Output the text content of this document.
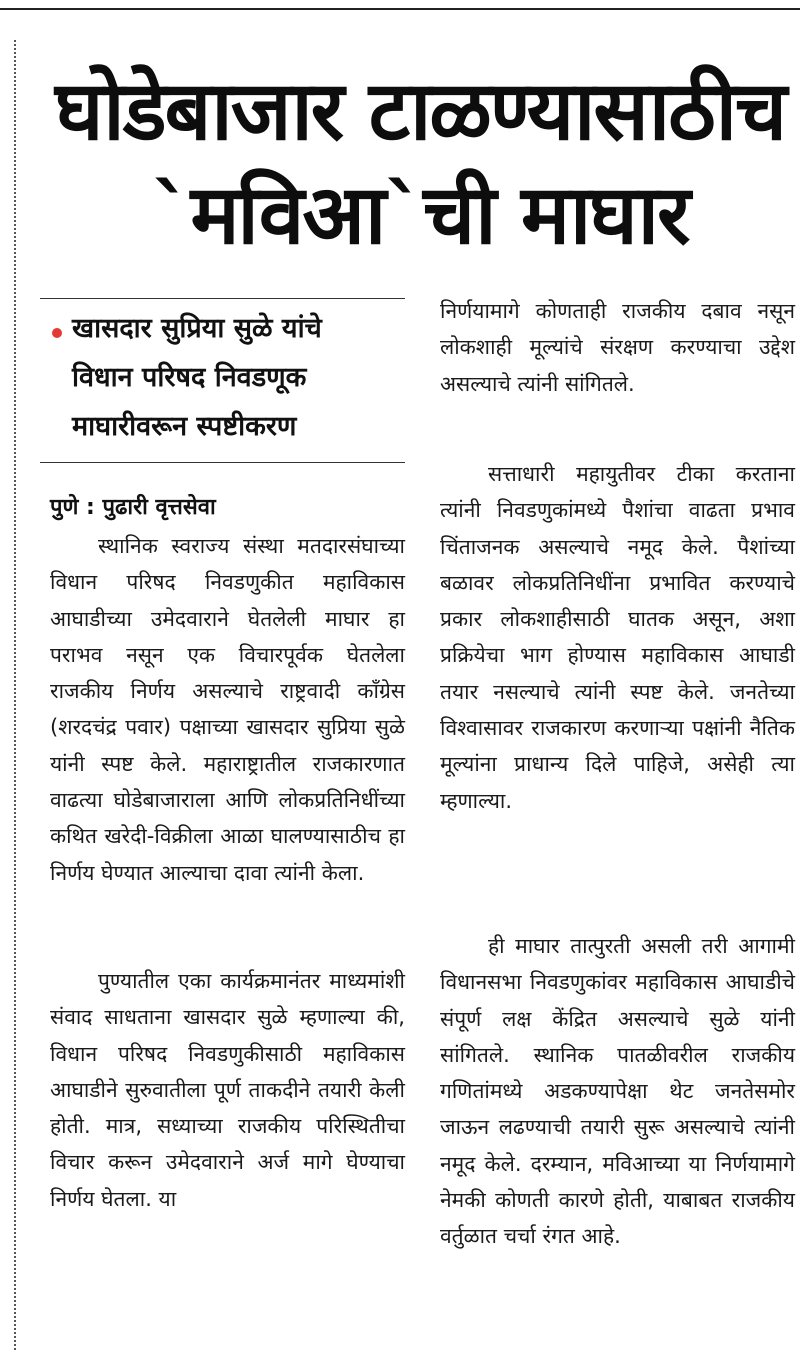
घोडेबाजार टाळण्यासाठीच
`मविआ`ची माघार
खासदार सुप्रिया सुळे यांचे
विधान परिषद निवडणूक
माघारीवरून स्पष्टीकरण
पुणे : पुढारी वृत्तसेवा

स्थानिक स्वराज्य संस्था मतदारसंघाच्या विधान परिषद निवडणुकीत महाविकास आघाडीच्या उमेदवाराने घेतलेली माघार हा पराभव नसून एक विचारपूर्वक घेतलेला राजकीय निर्णय असल्याचे राष्ट्रवादी काँग्रेस (शरदचंद्र पवार) पक्षाच्या खासदार सुप्रिया सुळे यांनी स्पष्ट केले. महाराष्ट्रातील राजकारणात वाढत्या घोडेबाजाराला आणि लोकप्रतिनिधींच्या कथित खरेदी-विक्रीला आळा घालण्यासाठीच हा निर्णय घेण्यात आल्याचा दावा त्यांनी केला.

पुण्यातील एका कार्यक्रमानंतर माध्यमांशी संवाद साधताना खासदार सुळे म्हणाल्या की, विधान परिषद निवडणुकीसाठी महाविकास आघाडीने सुरुवातीला पूर्ण ताकदीने तयारी केली होती. मात्र, सध्याच्या राजकीय परिस्थितीचा विचार करून उमेदवाराने अर्ज मागे घेण्याचा निर्णय घेतला. या

निर्णयामागे कोणताही राजकीय दबाव नसून लोकशाही मूल्यांचे संरक्षण करण्याचा उद्देश असल्याचे त्यांनी सांगितले.

सत्ताधारी महायुतीवर टीका करताना त्यांनी निवडणुकांमध्ये पैशांचा वाढता प्रभाव चिंताजनक असल्याचे नमूद केले. पैशांच्या बळावर लोकप्रतिनिधींना प्रभावित करण्याचे प्रकार लोकशाहीसाठी घातक असून, अशा प्रक्रियेचा भाग होण्यास महाविकास आघाडी तयार नसल्याचे त्यांनी स्पष्ट केले. जनतेच्या विश्वासावर राजकारण करणाऱ्या पक्षांनी नैतिक मूल्यांना प्राधान्य दिले पाहिजे, असेही त्या म्हणाल्या.

ही माघार तात्पुरती असली तरी आगामी विधानसभा निवडणुकांवर महाविकास आघाडीचे संपूर्ण लक्ष केंद्रित असल्याचे सुळे यांनी सांगितले. स्थानिक पातळीवरील राजकीय गणितांमध्ये अडकण्यापेक्षा थेट जनतेसमोर जाऊन लढण्याची तयारी सुरू असल्याचे त्यांनी नमूद केले. दरम्यान, मविआच्या या निर्णयामागे नेमकी कोणती कारणे होती, याबाबत राजकीय वर्तुळात चर्चा रंगत आहे.
